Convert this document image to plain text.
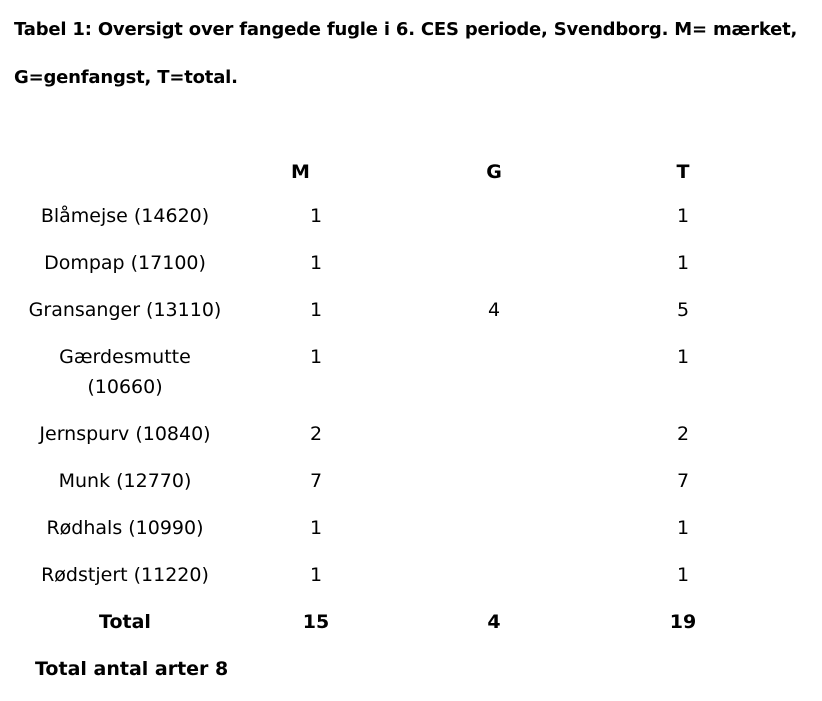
Tabel 1: Oversigt over fangede fugle i 6. CES periode, Svendborg. M= mærket,
G=genfangst, T=total.

	M	G	T
Blåmejse (14620)	1		1
Dompap (17100)	1		1
Gransanger (13110)	1	4	5
Gærdesmutte (10660)	1		1
Jernspurv (10840)	2		2
Munk (12770)	7		7
Rødhals (10990)	1		1
Rødstjert (11220)	1		1
Total	15	4	19

Total antal arter 8
